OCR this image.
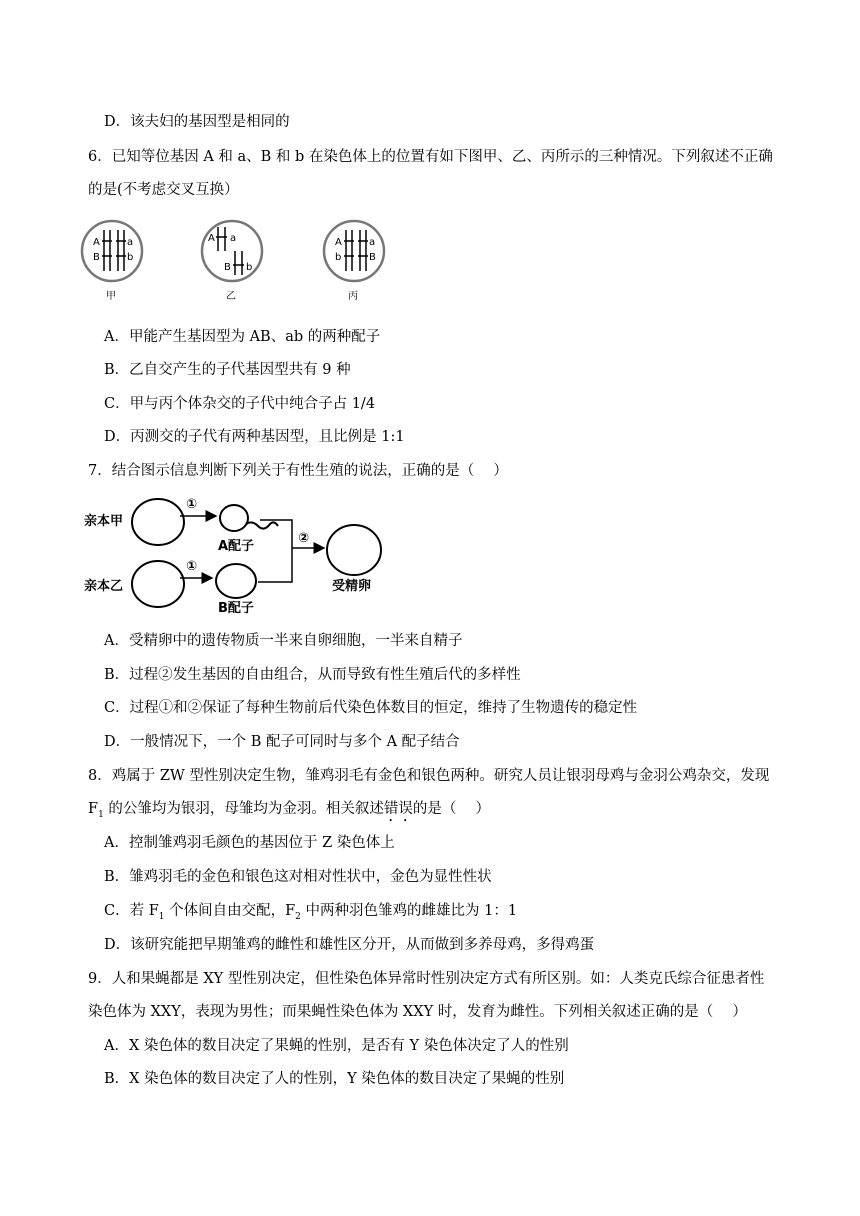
D．该夫妇的基因型是相同的
6．已知等位基因 A 和 a、B 和 b 在染色体上的位置有如下图甲、乙、丙所示的三种情况。下列叙述不正确
的是(不考虑交叉互换）
A	a
B	b
甲
A a
B b
乙
A	a
b	B
丙
A．甲能产生基因型为 AB、ab 的两种配子
B．乙自交产生的子代基因型共有 9 种
C．甲与丙个体杂交的子代中纯合子占 1/4
D．丙测交的子代有两种基因型，且比例是 1:1
7．结合图示信息判断下列关于有性生殖的说法，正确的是（　 ）
亲本甲
①
A配子
亲本乙
①
B配子
②
受精卵
A．受精卵中的遗传物质一半来自卵细胞，一半来自精子
B．过程②发生基因的自由组合，从而导致有性生殖后代的多样性
C．过程①和②保证了每种生物前后代染色体数目的恒定，维持了生物遗传的稳定性
D．一般情况下，一个 B 配子可同时与多个 A 配子结合
8．鸡属于 ZW 型性别决定生物，雏鸡羽毛有金色和银色两种。研究人员让银羽母鸡与金羽公鸡杂交，发现
$F_1$ 的公雏均为银羽，母雏均为金羽。相关叙述错误的是（　 ）
A．控制雏鸡羽毛颜色的基因位于 Z 染色体上
B．雏鸡羽毛的金色和银色这对相对性状中，金色为显性性状
C．若 $F_1$ 个体间自由交配，$F_2$ 中两种羽色雏鸡的雌雄比为 1：1
D．该研究能把早期雏鸡的雌性和雄性区分开，从而做到多养母鸡，多得鸡蛋
9．人和果蝇都是 XY 型性别决定，但性染色体异常时性别决定方式有所区别。如：人类克氏综合征患者性
染色体为 XXY，表现为男性；而果蝇性染色体为 XXY 时，发育为雌性。下列相关叙述正确的是（　 ）
A．X 染色体的数目决定了果蝇的性别，是否有 Y 染色体决定了人的性别
B．X 染色体的数目决定了人的性别，Y 染色体的数目决定了果蝇的性别
